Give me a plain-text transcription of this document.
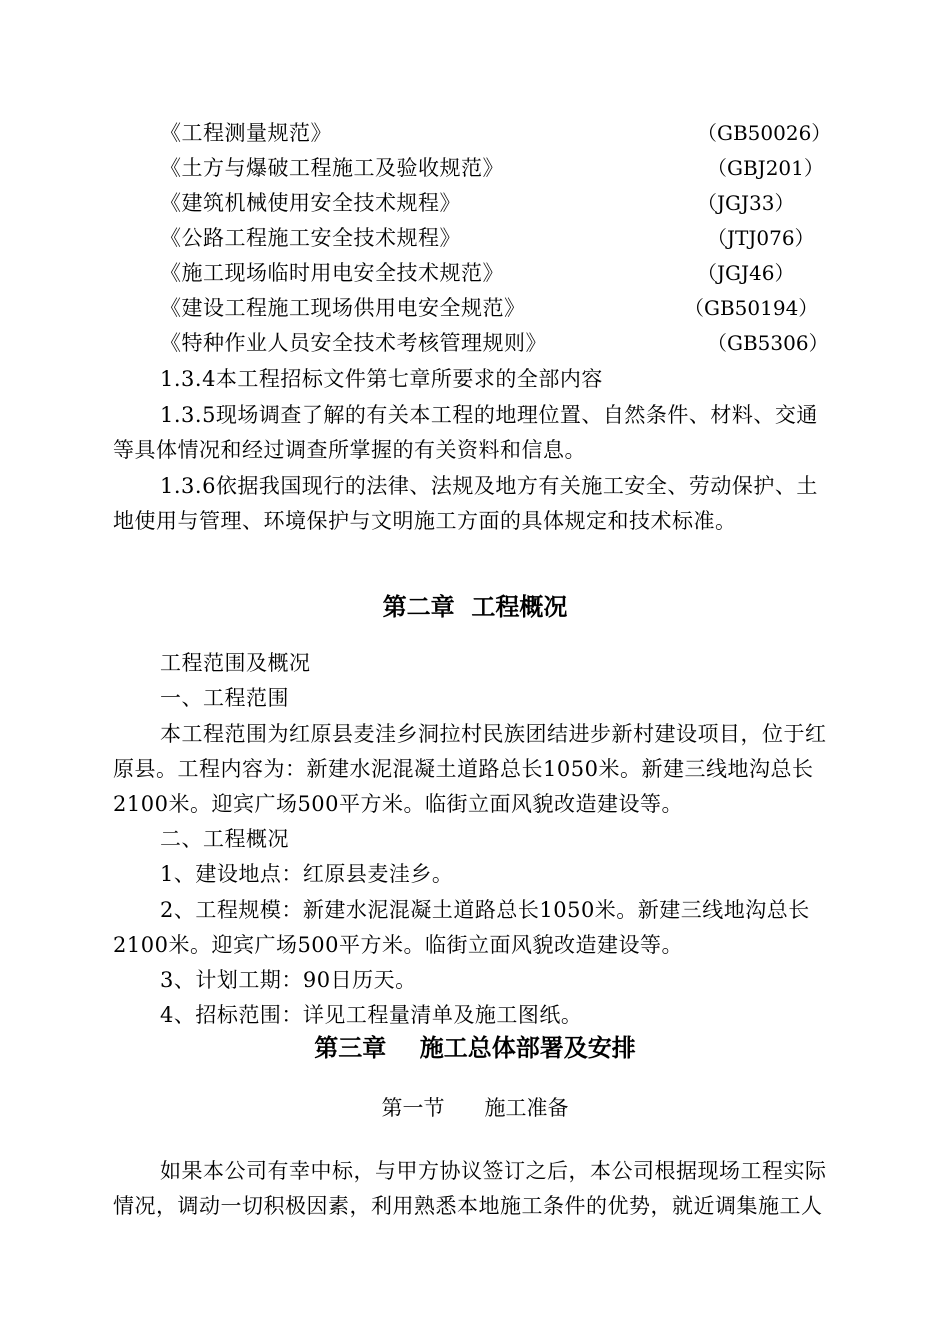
《工程测量规范》	（GB50026）
《土方与爆破工程施工及验收规范》	（GBJ201）
《建筑机械使用安全技术规程》	（JGJ33）
《公路工程施工安全技术规程》	（JTJ076）
《施工现场临时用电安全技术规范》	（JGJ46）
《建设工程施工现场供用电安全规范》	（GB50194）
《特种作业人员安全技术考核管理规则》	（GB5306）
1.3.4本工程招标文件第七章所要求的全部内容
1.3.5现场调查了解的有关本工程的地理位置、自然条件、材料、交通
等具体情况和经过调查所掌握的有关资料和信息。
1.3.6依据我国现行的法律、法规及地方有关施工安全、劳动保护、土
地使用与管理、环境保护与文明施工方面的具体规定和技术标准。
第二章  工程概况
工程范围及概况
一、工程范围
本工程范围为红原县麦洼乡洞拉村民族团结进步新村建设项目，位于红
原县。工程内容为：新建水泥混凝土道路总长1050米。新建三线地沟总长
2100米。迎宾广场500平方米。临街立面风貌改造建设等。
二、工程概况
1、建设地点：红原县麦洼乡。
2、工程规模：新建水泥混凝土道路总长1050米。新建三线地沟总长
2100米。迎宾广场500平方米。临街立面风貌改造建设等。
3、计划工期：90日历天。
4、招标范围：详见工程量清单及施工图纸。
第三章    施工总体部署及安排
第一节      施工准备
如果本公司有幸中标，与甲方协议签订之后，本公司根据现场工程实际
情况，调动一切积极因素，利用熟悉本地施工条件的优势，就近调集施工人
